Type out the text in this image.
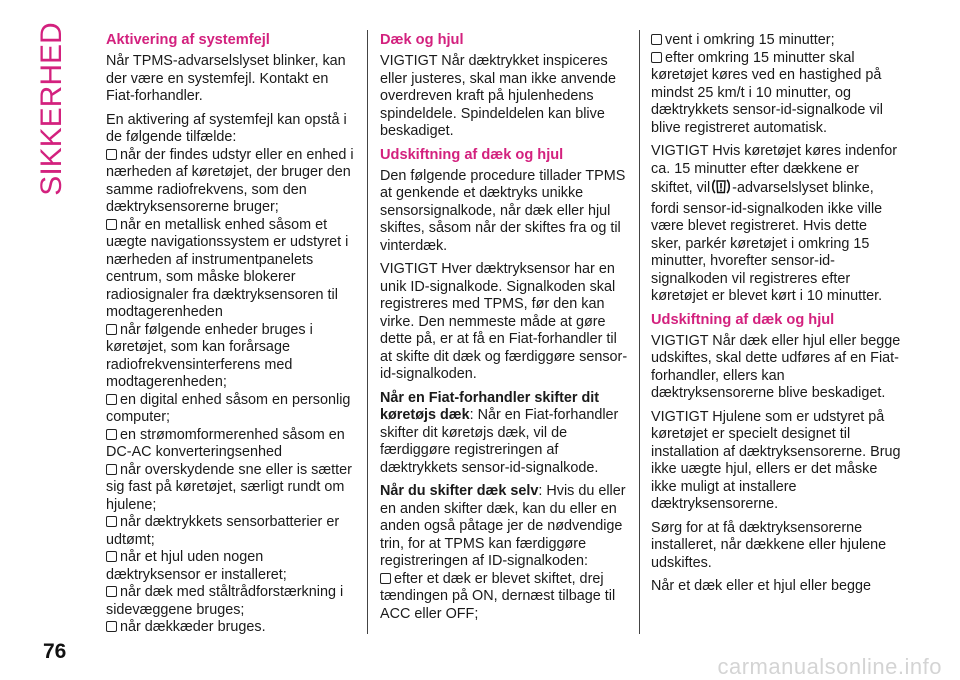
SIKKERHED	Aktivering af systemfejl

Når TPMS-advarselslyset blinker, kan der være en systemfejl. Kontakt en Fiat-forhandler.

En aktivering af systemfejl kan opstå i de følgende tilfælde:

når der findes udstyr eller en enhed i nærheden af køretøjet, der bruger den samme radiofrekvens, som den dæktryksensorerne bruger;

når en metallisk enhed såsom et uægte navigationssystem er udstyret i nærheden af instrumentpanelets centrum, som måske blokerer radiosignaler fra dæktryksensoren til modtagerenheden

når følgende enheder bruges i køretøjet, som kan forårsage radiofrekvensinterferens med modtagerenheden;

en digital enhed såsom en personlig computer;

en strømomformerenhed såsom en DC-AC konverteringsenhed

når overskydende sne eller is sætter sig fast på køretøjet, særligt rundt om hjulene;

når dæktrykkets sensorbatterier er udtømt;

når et hjul uden nogen dæktryksensor er installeret;

når dæk med ståltrådforstærkning i sidevæggene bruges;

når dækkæder bruges.

Dæk og hjul

VIGTIGT Når dæktrykket inspiceres eller justeres, skal man ikke anvende overdreven kraft på hjulenhedens spindeldele. Spindeldelen kan blive beskadiget.

Udskiftning af dæk og hjul

Den følgende procedure tillader TPMS at genkende et dæktryks unikke sensorsignalkode, når dæk eller hjul skiftes, såsom når der skiftes fra og til vinterdæk.

VIGTIGT Hver dæktryksensor har en unik ID-signalkode. Signalkoden skal registreres med TPMS, før den kan virke. Den nemmeste måde at gøre dette på, er at få en Fiat-forhandler til at skifte dit dæk og færdiggøre sensor-id-signalkoden.

Når en Fiat-forhandler skifter dit køretøjs dæk: Når en Fiat-forhandler skifter dit køretøjs dæk, vil de færdiggøre registreringen af dæktrykkets sensor-id-signalkode.

Når du skifter dæk selv: Hvis du eller en anden skifter dæk, kan du eller en anden også påtage jer de nødvendige trin, for at TPMS kan færdiggøre registreringen af ID-signalkoden:

efter et dæk er blevet skiftet, drej tændingen på ON, dernæst tilbage til ACC eller OFF;

vent i omkring 15 minutter;

efter omkring 15 minutter skal køretøjet køres ved en hastighed på mindst 25 km/t i 10 minutter, og dæktrykkets sensor-id-signalkode vil blive registreret automatisk.

VIGTIGT Hvis køretøjet køres indenfor ca. 15 minutter efter dækkene er skiftet, vil -advarselslyset blinke, fordi sensor-id-signalkoden ikke ville være blevet registreret. Hvis dette sker, parkér køretøjet i omkring 15 minutter, hvorefter sensor-id-signalkoden vil registreres efter køretøjet er blevet kørt i 10 minutter.

Udskiftning af dæk og hjul

VIGTIGT Når dæk eller hjul eller begge udskiftes, skal dette udføres af en Fiat-forhandler, ellers kan dæktryksensorerne blive beskadiget.

VIGTIGT Hjulene som er udstyret på køretøjet er specielt designet til installation af dæktryksensorerne. Brug ikke uægte hjul, ellers er det måske ikke muligt at installere dæktryksensorerne.

Sørg for at få dæktryksensorerne installeret, når dækkene eller hjulene udskiftes.

Når et dæk eller et hjul eller begge

76
carmanualsonline.info
